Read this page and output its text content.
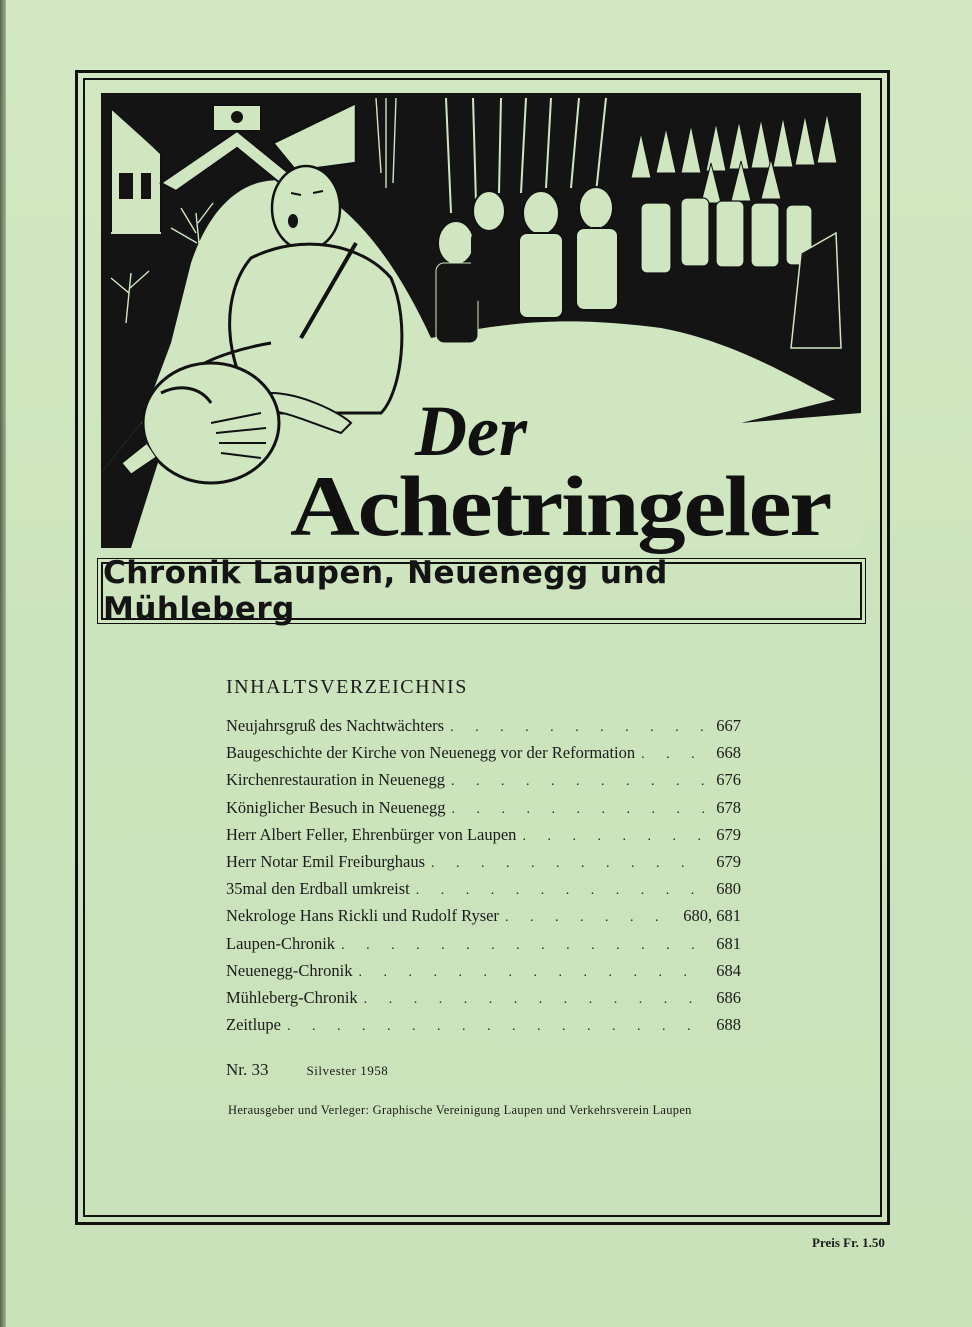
Der
Achetringeler
Chronik Laupen, Neuenegg und Mühleberg
INHALTSVERZEICHNIS
Neujahrsgruß des Nachtwächters . . .	667
Baugeschichte der Kirche von Neuenegg vor der Reformation . . .	668
Kirchenrestauration in Neuenegg . . .	676
Königlicher Besuch in Neuenegg . . .	678
Herr Albert Feller, Ehrenbürger von Laupen . . .	679
Herr Notar Emil Freiburghaus . . .	679
35mal den Erdball umkreist . . .	680
Nekrologe Hans Rickli und Rudolf Ryser . . .	680, 681
Laupen-Chronik . . .	681
Neuenegg-Chronik . . .	684
Mühleberg-Chronik . . .	686
Zeitlupe . . .	688
Nr. 33	Silvester 1958
Herausgeber und Verleger: Graphische Vereinigung Laupen und Verkehrsverein Laupen
Preis Fr. 1.50
